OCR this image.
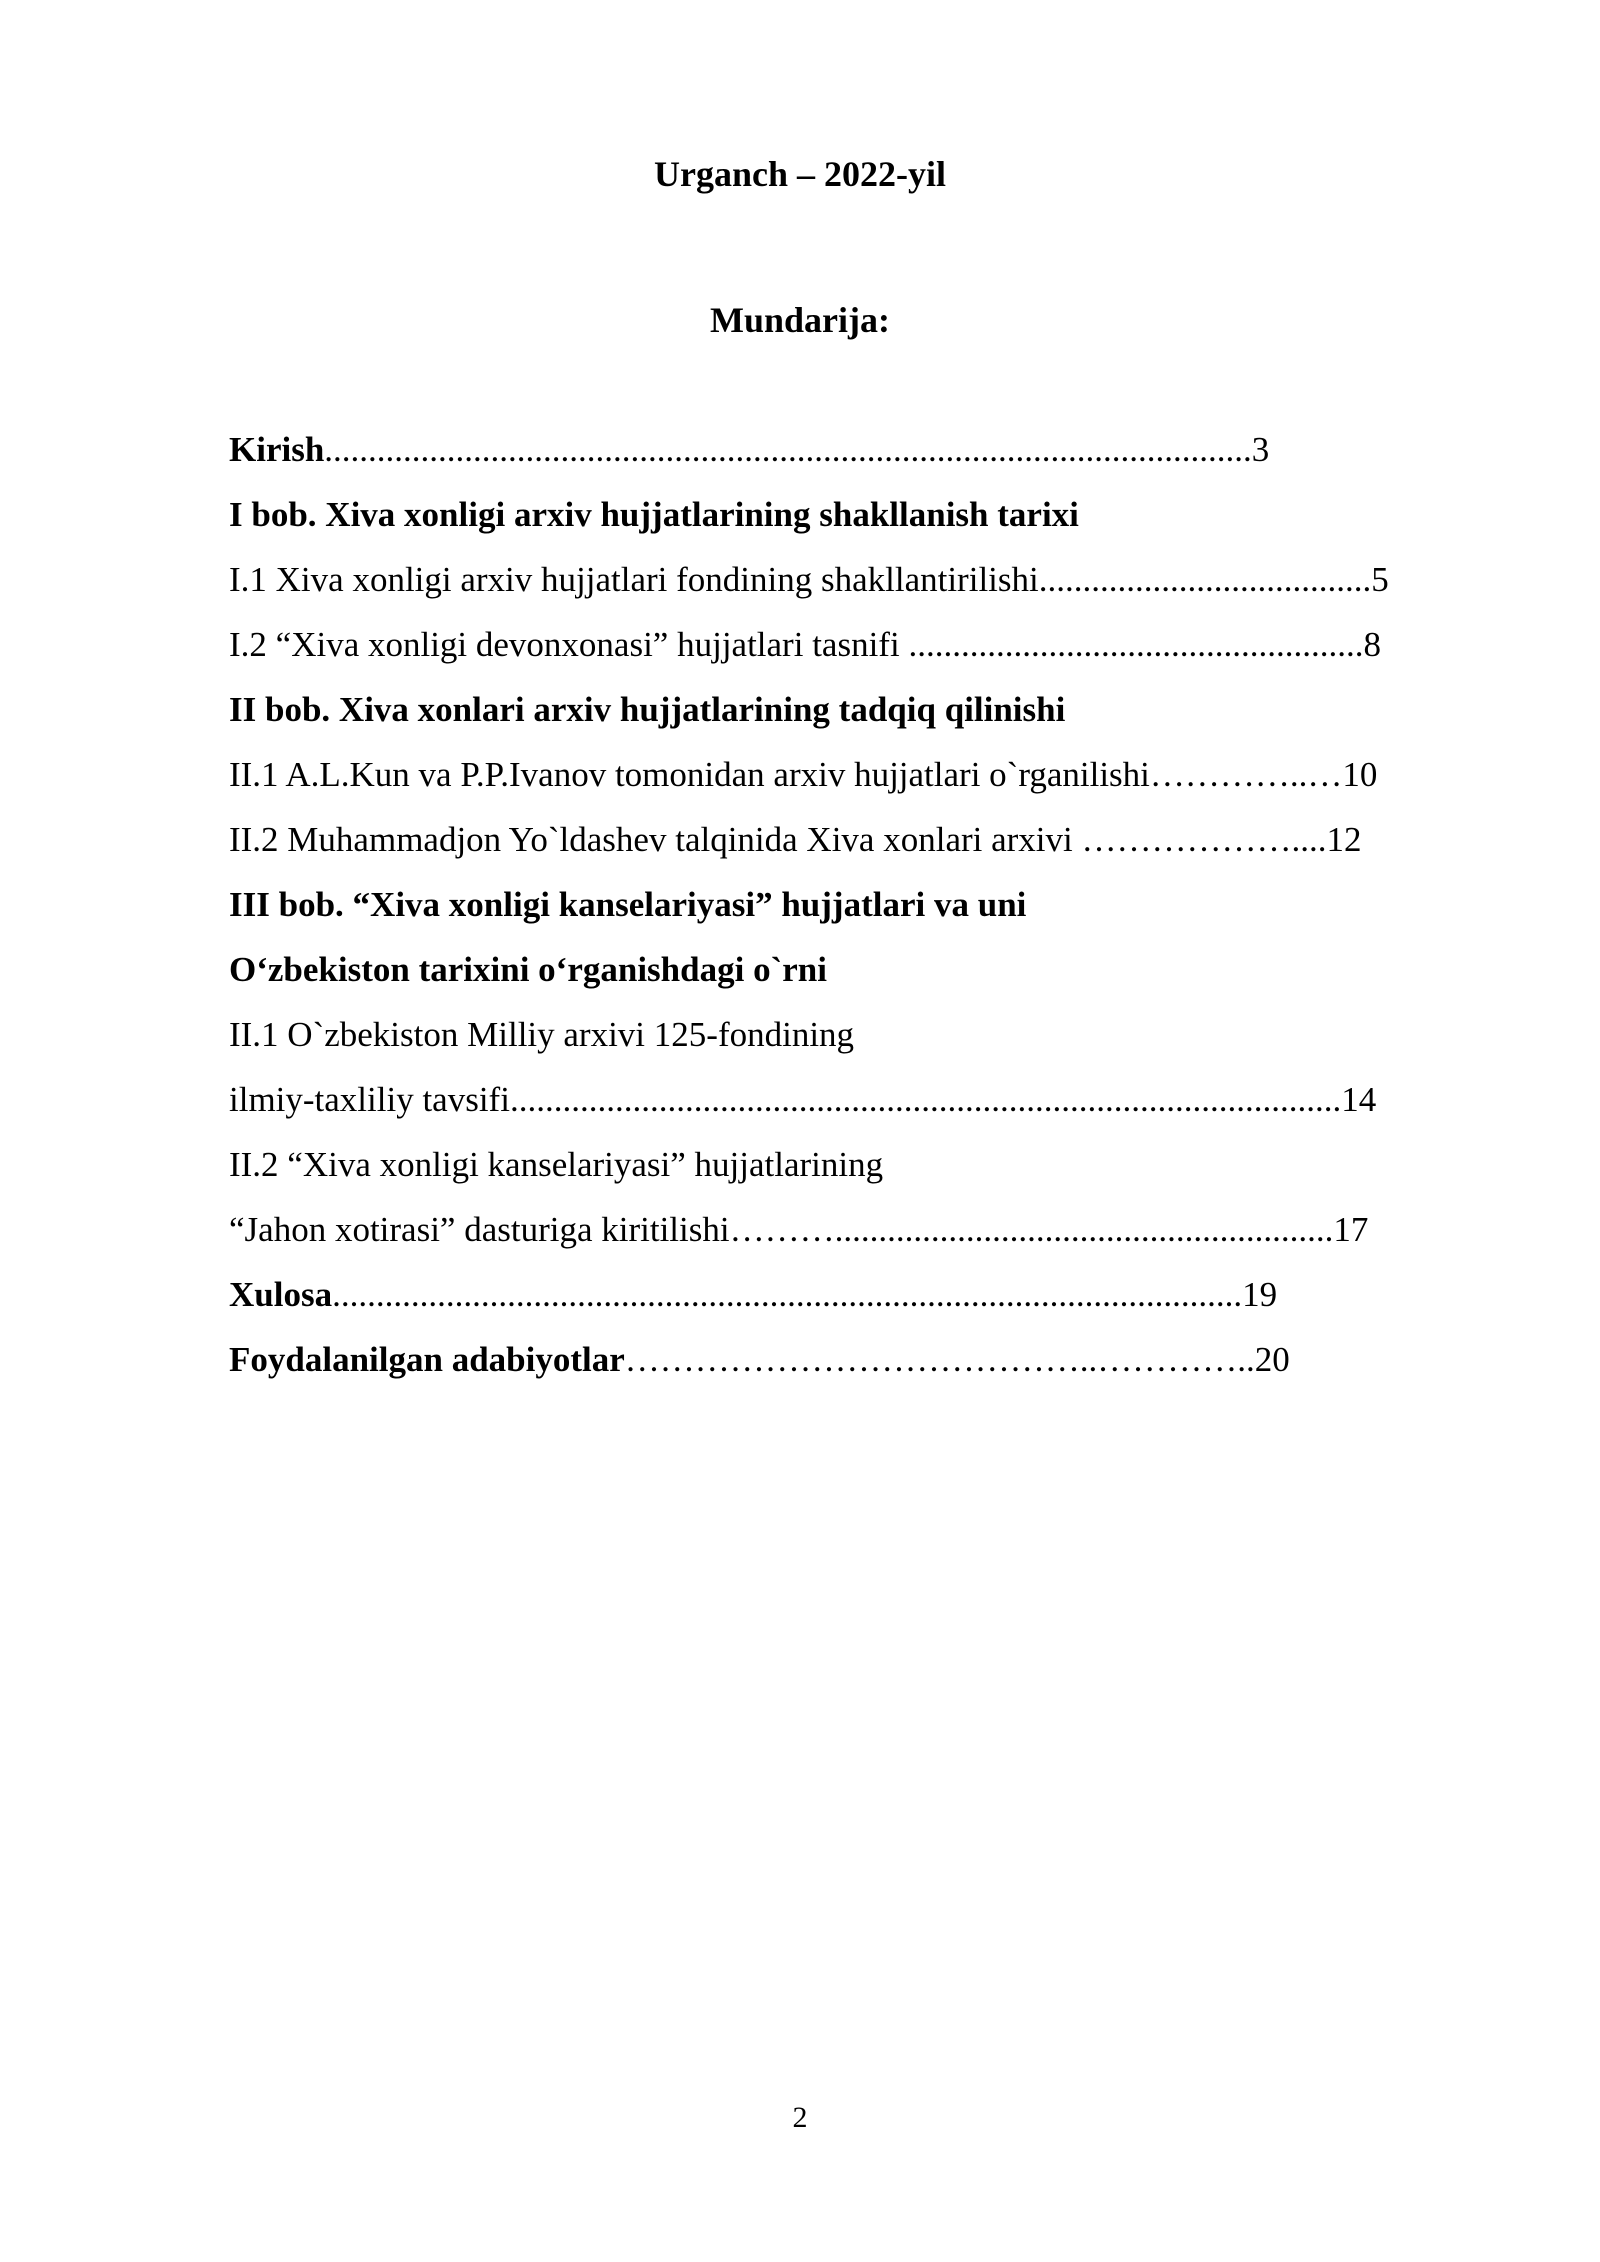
Urganch – 2022-yil
Mundarija:
Kirish..........................................................................................................3
I bob. Xiva xonligi arxiv hujjatlarining shakllanish tarixi
I.1 Xiva xonligi arxiv hujjatlari fondining shakllantirilishi......................................5
I.2 “Xiva xonligi devonxonasi” hujjatlari tasnifi ....................................................8
II bob. Xiva xonlari arxiv hujjatlarining tadqiq qilinishi
II.1 A.L.Kun va P.P.Ivanov tomonidan arxiv hujjatlari o`rganilishi…………..…10
II.2 Muhammadjon Yo`ldashev talqinida Xiva xonlari arxivi ………………....12
III bob. “Xiva xonligi kanselariyasi” hujjatlari va uni
O‘zbekiston tarixini o‘rganishdagi o`rni
II.1 O`zbekiston Milliy arxivi 125-fondining
ilmiy-taxliliy tavsifi...............................................................................................14
II.2 “Xiva xonligi kanselariyasi” hujjatlarining
“Jahon xotirasi” dasturiga kiritilishi……….........................................................17
Xulosa........................................................................................................19
Foydalanilgan adabiyotlar…………………………………..…………..20
2
